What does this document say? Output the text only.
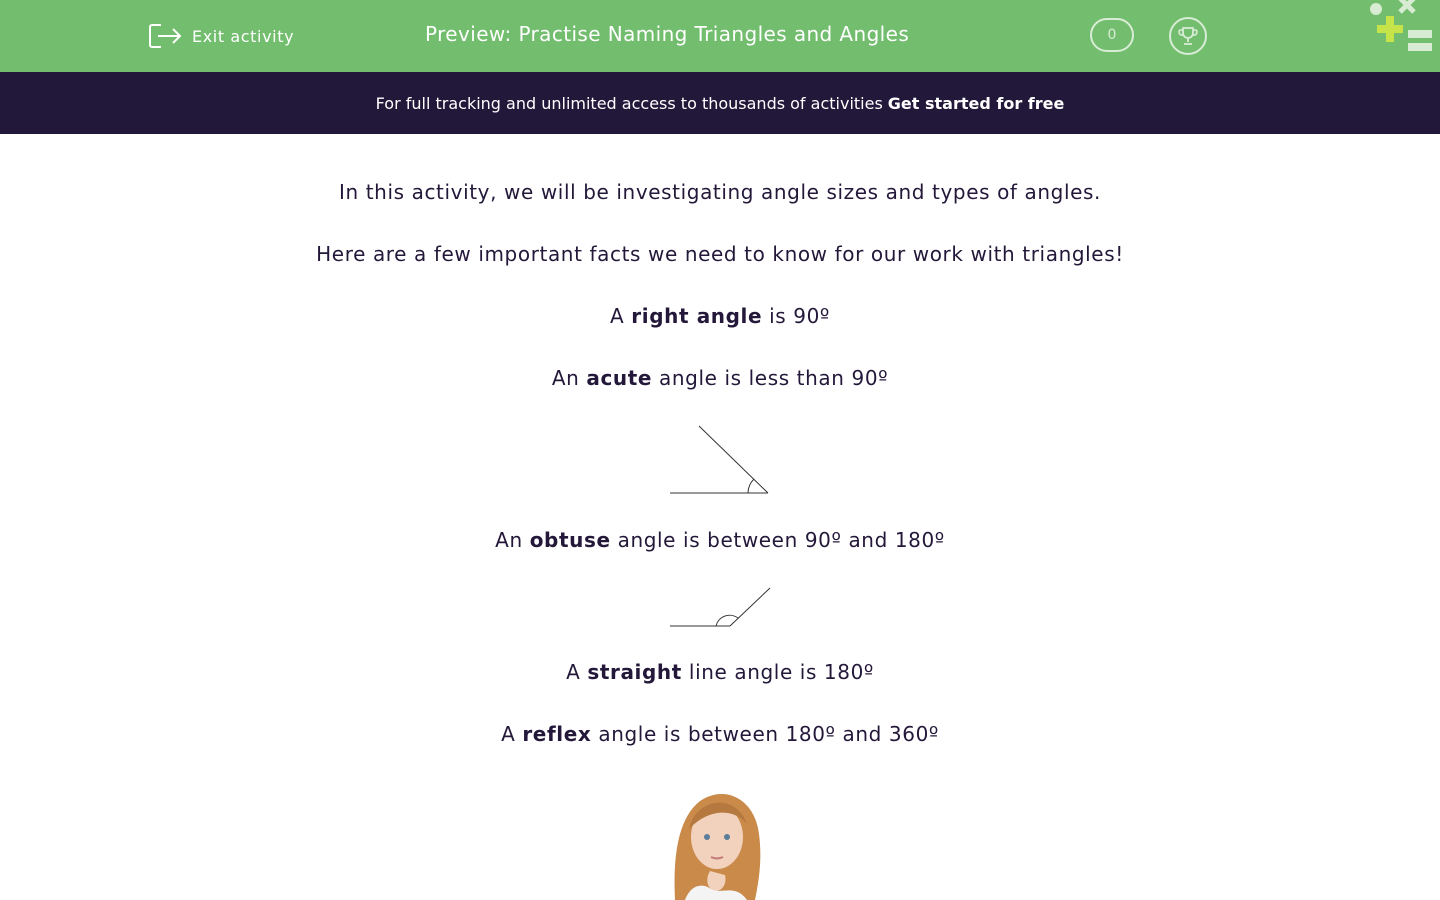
Exit activity	Preview: Practise Naming Triangles and Angles	0
For full tracking and unlimited access to thousands of activities Get started for free
In this activity, we will be investigating angle sizes and types of angles.
Here are a few important facts we need to know for our work with triangles!
A right angle is 90º
An acute angle is less than 90º
An obtuse angle is between 90º and 180º
A straight line angle is 180º
A reflex angle is between 180º and 360º
